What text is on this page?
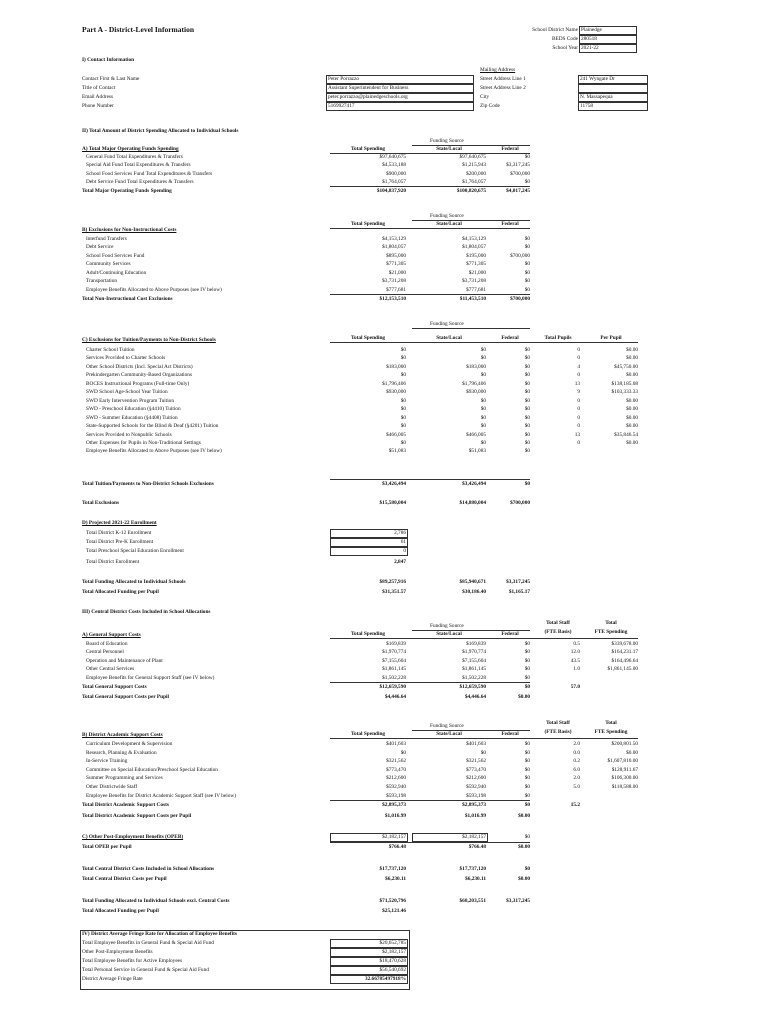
Part A - District-Level Information	School District Name Plainedge
BEDS Code 280518
School Year 2021-22
I) Contact Information
Mailing Address
Contact First & Last Name	Peter Porrazzo
Title of Contact	Assistant Superintendent for Business
Email Address	peter.porrazzo@plainedgeschools.org
Phone Number	5169927417
Street Address Line 1	241 Wyngate Dr
Street Address Line 2
City	N. Massapequa
Zip Code	11758
II) Total Amount of District Spending Allocated to Individual Schools
Funding Source
Total Spending	State/Local	Federal
A) Total Major Operating Funds Spending
General Fund Total Expenditures & Transfers	$97,640,675	$97,640,675	$0
Special Aid Fund Total Expenditures & Transfers	$4,533,188	$1,215,943	$3,317,245
School Food Services Fund Total Expenditures & Transfers	$900,000	$200,000	$700,000
Debt Service Fund Total Expenditures & Transfers	$1,764,057	$1,764,057	$0
Total Major Operating Funds Spending	$104,837,920	$100,820,675	$4,017,245
Funding Source
Total Spending	State/Local	Federal
B) Exclusions for Non-Instructional Costs
Interfund Transfers	$4,153,129	$4,153,129	$0
Debt Service	$1,804,057	$1,804,057	$0
School Food Services Fund	$895,000	$195,000	$700,000
Community Services	$771,305	$771,305	$0
Adult/Continuing Education	$21,000	$21,000	$0
Transportation	$3,731,208	$3,731,208	$0
Employee Benefits Allocated to Above Purposes (see IV below)	$777,681	$777,681	$0
Total Non-Instructional Cost Exclusions	$12,153,510	$11,453,510	$700,000
Funding Source
Total Spending	State/Local	Federal	Total Pupils	Per Pupil
C) Exclusions for Tuition/Payments to Non-District Schools
Charter School Tuition	$0	$0	$0	0	$0.00
Services Provided to Charter Schools	$0	$0	$0	0	$0.00
Other School Districts (Incl. Special Act Districts)	$183,000	$183,000	$0	4	$45,750.00
Prekindergarten Community-Based Organizations	$0	$0	$0	0	$0.00
BOCES Instructional Programs (Full-time Only)	$1,796,406	$1,796,406	$0	13	$138,185.08
SWD School Age-School Year Tuition	$930,000	$930,000	$0	9	$103,333.33
SWD Early Intervention Program Tuition	$0	$0	$0	0	$0.00
SWD - Preschool Education (§4410) Tuition	$0	$0	$0	0	$0.00
SWD - Summer Education (§4408) Tuition	$0	$0	$0	0	$0.00
State-Supported Schools for the Blind & Deaf (§4201) Tuition	$0	$0	$0	0	$0.00
Services Provided to Nonpublic Schools	$466,005	$466,005	$0	13	$35,846.54
Other Expenses for Pupils in Non-Traditional Settings	$0	$0	$0	0	$0.00
Employee Benefits Allocated to Above Purposes (see IV below)	$51,083	$51,083	$0
Total Tuition/Payments to Non-District Schools Exclusions	$3,426,494	$3,426,494	$0
Total Exclusions	$15,580,004	$14,880,004	$700,000
D) Projected 2021-22 Enrollment
Total District K-12 Enrollment	2,786
Total District Pre-K Enrollment	61
Total Preschool Special Education Enrollment	0
Total District Enrollment	2,847
Total Funding Allocated to Individual Schools	$89,257,916	$85,940,671	$3,317,245
Total Allocated Funding per Pupil	$31,351.57	$30,186.40	$1,165.17
III) Central District Costs Included in School Allocations
Funding Source	Total Staff
(FTE Basis)
Total
FTE Spending
Total Spending	State/Local	Federal
A) General Support Costs
Board of Education	$169,839	$169,839	$0	0.5	$339,678.00
Central Personnel	$1,970,774	$1,970,774	$0	12.0	$164,231.17
Operation and Maintenance of Plant	$7,155,604	$7,155,604	$0	43.5	$164,496.64
Other Central Services	$1,861,145	$1,861,145	$0	1.0	$1,861,145.00
Employee Benefits for General Support Staff (see IV below)	$1,502,228	$1,502,228	$0
Total General Support Costs	$12,659,590	$12,659,590	$0	57.0
Total General Support Costs per Pupil	$4,446.64	$4,446.64	$0.00
Funding Source	Total Staff
(FTE Basis)
Total
FTE Spending
Total Spending	State/Local	Federal
B) District Academic Support Costs
Curriculum Development & Supervision	$401,603	$401,603	$0	2.0	$200,801.50
Research, Planning & Evaluation	$0	$0	$0	0.0	$0.00
In-Service Training	$321,562	$321,562	$0	0.2	$1,607,810.00
Committee on Special Education/Preschool Special Education	$773,470	$773,470	$0	6.0	$128,911.67
Summer Programming and Services	$212,600	$212,600	$0	2.0	$106,300.00
Other Districtwide Staff	$592,940	$592,940	$0	5.0	$118,588.00
Employee Benefits for District Academic Support Staff (see IV below)	$593,198	$593,198	$0
Total District Academic Support Costs	$2,895,373	$2,895,373	$0	15.2
Total District Academic Support Costs per Pupil	$1,016.99	$1,016.99	$0.00
C) Other Post-Employment Benefits (OPEB)	$2,182,157	$2,182,157	$0
Total OPEB per Pupil	$766.48	$766.48	$0.00
Total Central District Costs Included in School Allocations	$17,737,120	$17,737,120	$0
Total Central District Costs per Pupil	$6,230.11	$6,230.11	$0.00
Total Funding Allocated to Individual Schools excl. Central Costs	$71,520,796	$68,203,551	$3,317,245
Total Allocated Funding per Pupil	$25,121.46
IV) District Average Fringe Rate for Allocation of Employee Benefits
Total Employee Benefits in General Fund & Special Aid Fund	$20,652,785
Other Post-Employment Benefits	$2,182,157
Total Employee Benefits for Active Employees	$18,470,628
Total Personal Service in General Fund & Special Aid Fund	$56,540,692
District Average Fringe Rate	32.66785497918%
